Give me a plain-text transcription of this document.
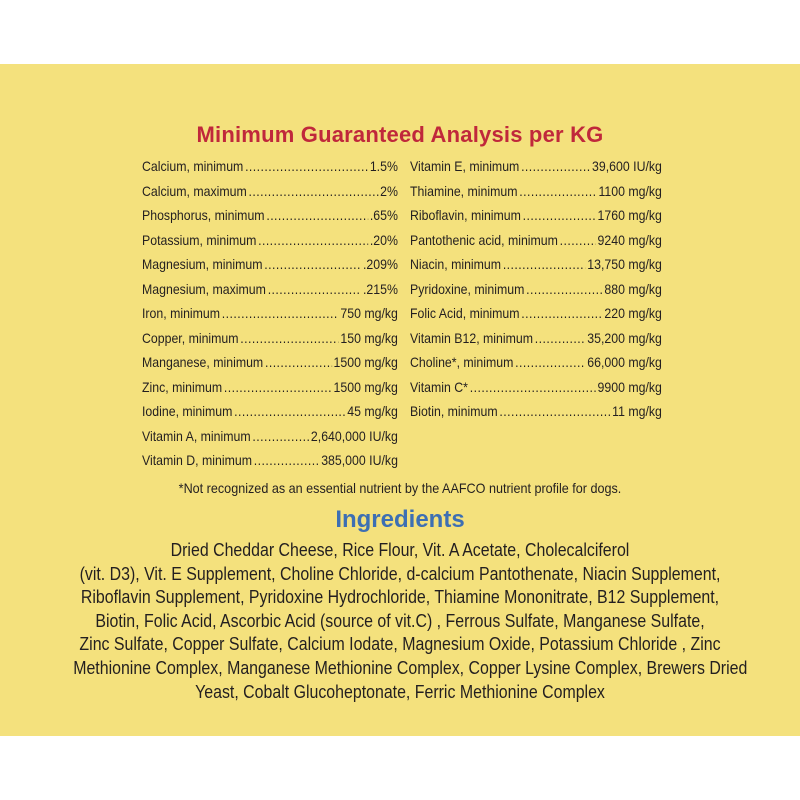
Minimum Guaranteed Analysis per KG
Calcium, minimum .....	1.5%
Calcium, maximum .....	2%
Phosphorus, minimum .....	.65%
Potassium, minimum .....	.20%
Magnesium, minimum .....	.209%
Magnesium, maximum .....	.215%
Iron, minimum .....	750 mg/kg
Copper, minimum .....	150 mg/kg
Manganese, minimum .....	1500 mg/kg
Zinc, minimum .....	1500 mg/kg
Iodine, minimum .....	45 mg/kg
Vitamin A, minimum .....	2,640,000 IU/kg
Vitamin D, minimum .....	385,000 IU/kg
Vitamin E, minimum .....	39,600 IU/kg
Thiamine, minimum .....	1100 mg/kg
Riboflavin, minimum .....	1760 mg/kg
Pantothenic acid, minimum .....	9240 mg/kg
Niacin, minimum .....	13,750 mg/kg
Pyridoxine, minimum .....	880 mg/kg
Folic Acid, minimum .....	220 mg/kg
Vitamin B12, minimum .....	35,200 mg/kg
Choline*, minimum .....	66,000 mg/kg
Vitamin C* .....	9900 mg/kg
Biotin, minimum .....	11 mg/kg
*Not recognized as an essential nutrient by the AAFCO nutrient profile for dogs.
Ingredients
Dried Cheddar Cheese, Rice Flour, Vit. A Acetate, Cholecalciferol
(vit. D3), Vit. E Supplement, Choline Chloride, d-calcium Pantothenate, Niacin Supplement,
Riboflavin Supplement, Pyridoxine Hydrochloride, Thiamine Mononitrate, B12 Supplement,
Biotin, Folic Acid, Ascorbic Acid (source of vit.C) , Ferrous Sulfate, Manganese Sulfate,
Zinc Sulfate, Copper Sulfate, Calcium Iodate, Magnesium Oxide, Potassium Chloride , Zinc
Methionine Complex, Manganese Methionine Complex, Copper Lysine Complex, Brewers Dried
Yeast, Cobalt Glucoheptonate, Ferric Methionine Complex
